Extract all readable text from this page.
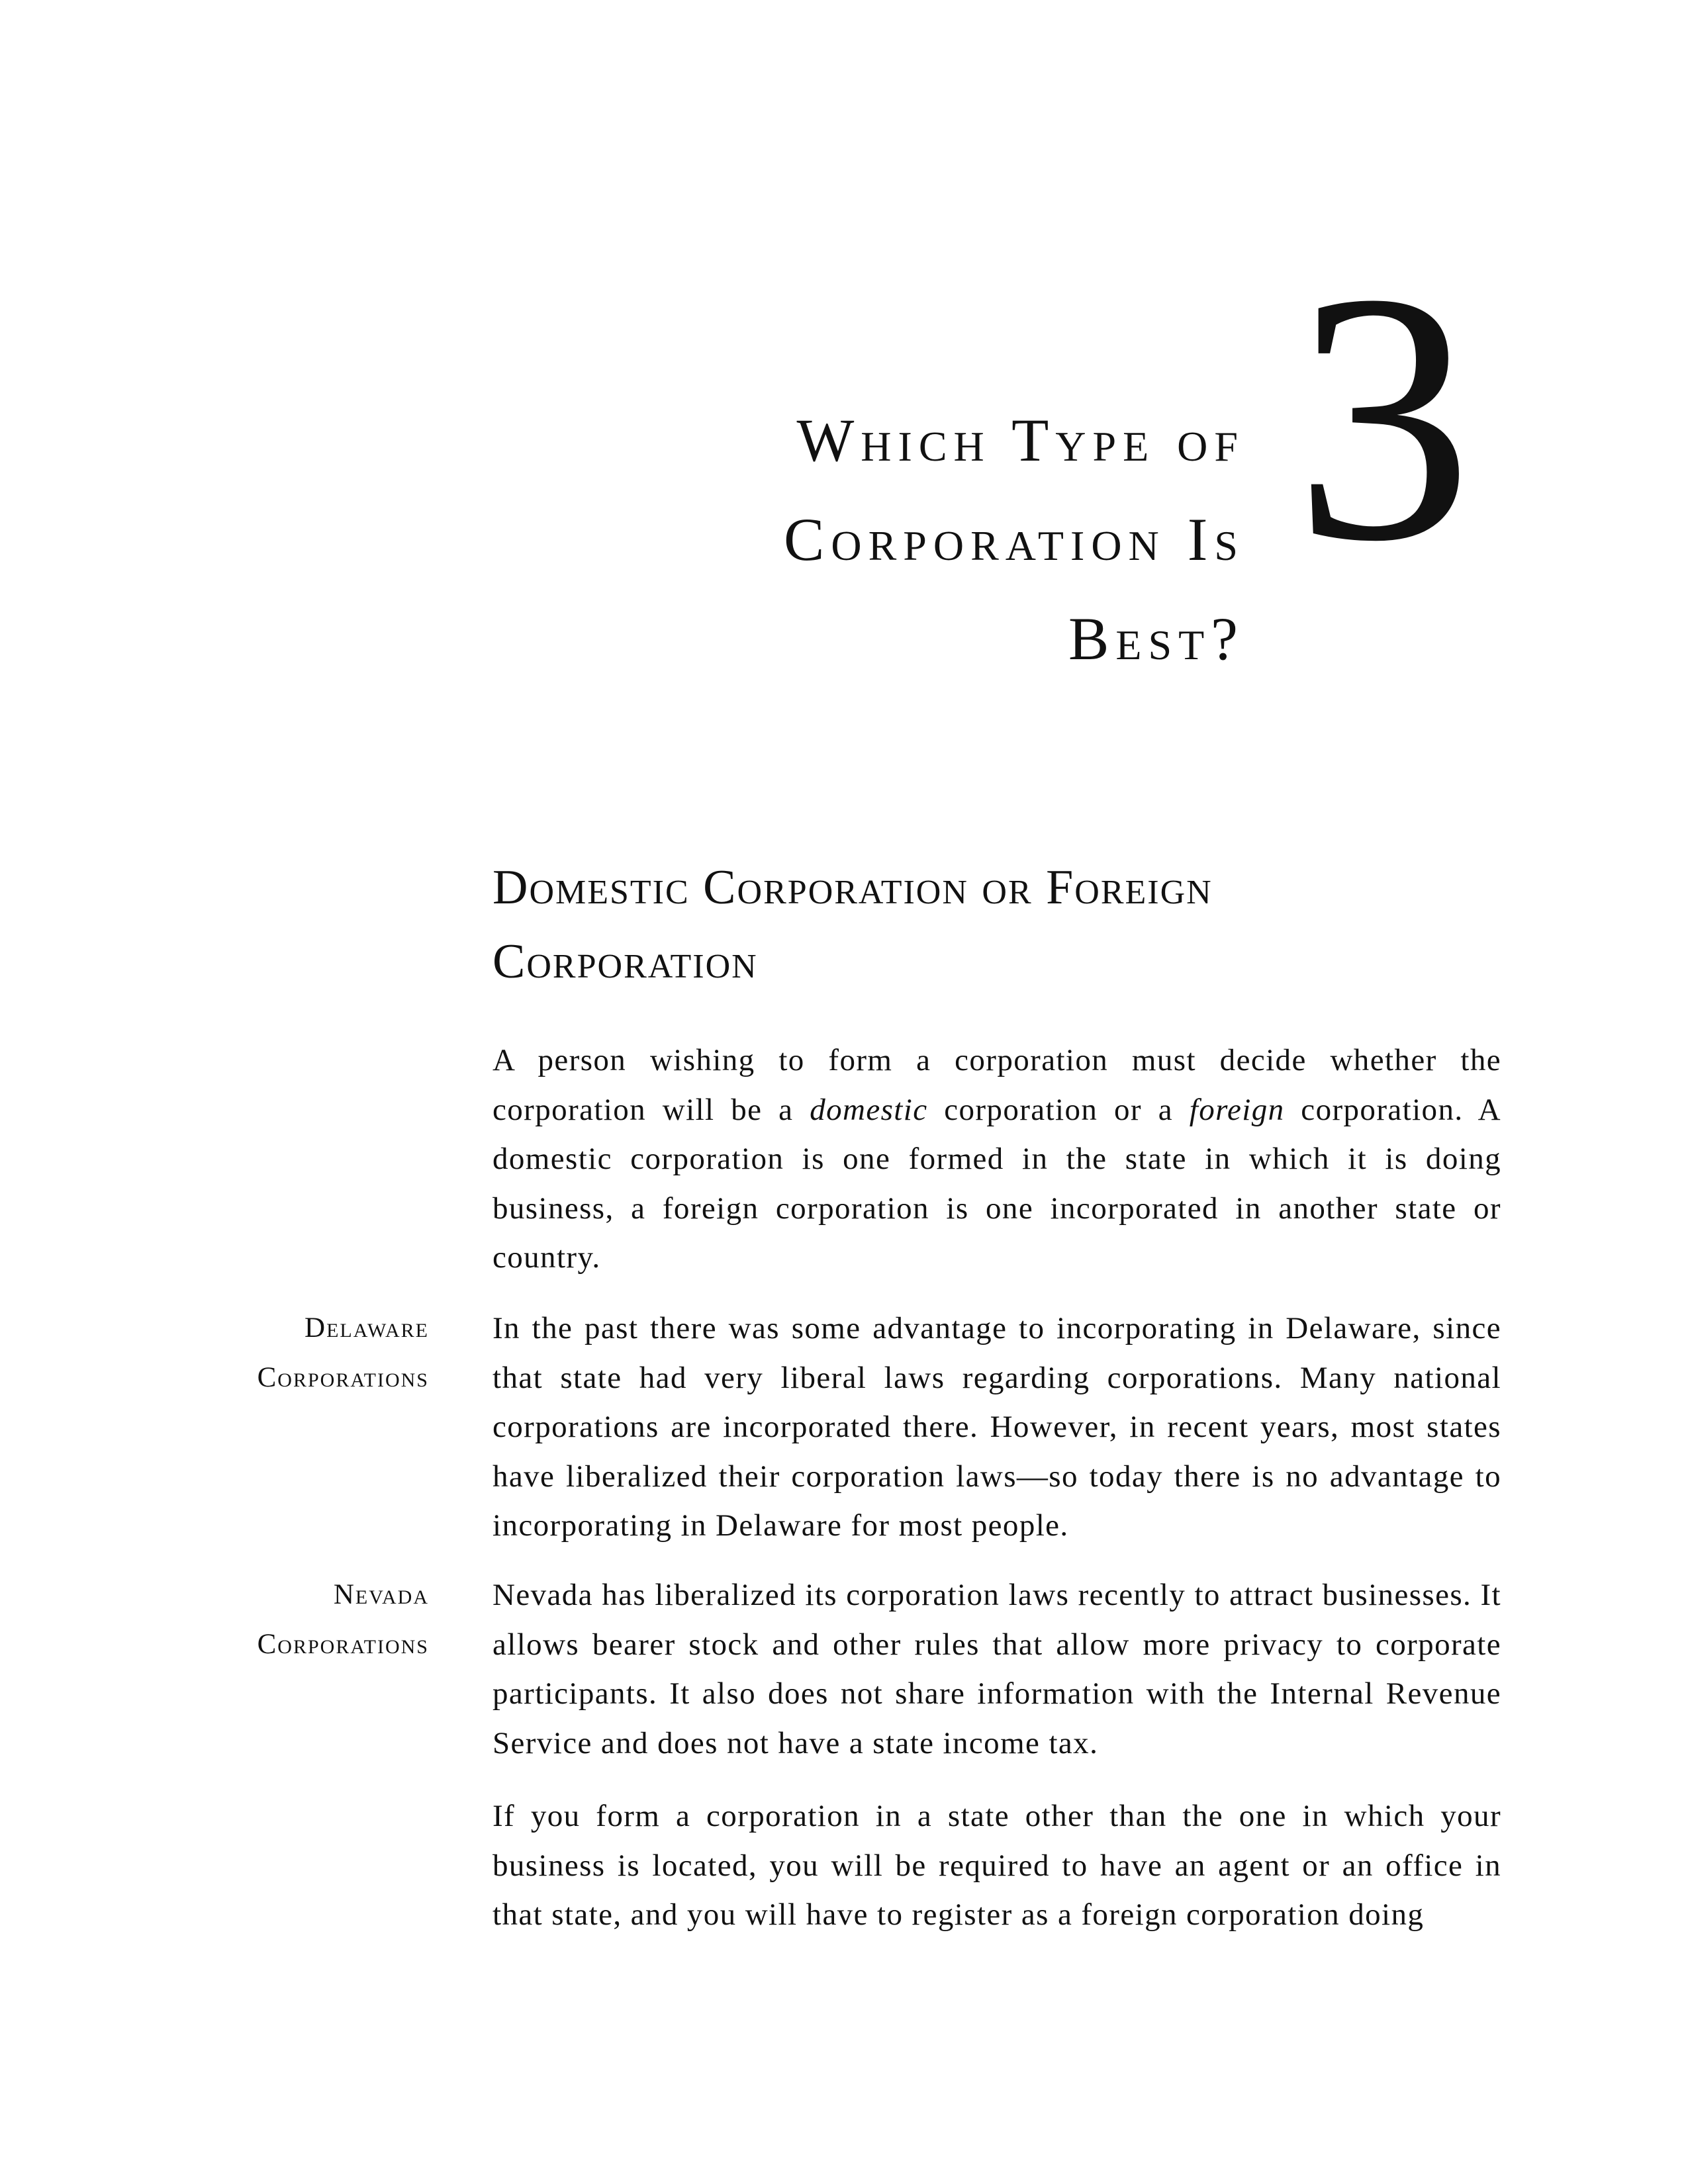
Which Type of
Corporation Is
Best?
3
Domestic Corporation or Foreign
Corporation

A person wishing to form a corporation must decide whether the corporation will be a domestic corporation or a foreign corporation. A domestic corporation is one formed in the state in which it is doing business, a foreign corporation is one incorporated in another state or country.

Delaware
Corporations

In the past there was some advantage to incorporating in Delaware, since that state had very liberal laws regarding corporations. Many national corporations are incorporated there. However, in recent years, most states have liberalized their corporation laws—so today there is no advantage to incorporating in Delaware for most people.

Nevada
Corporations

Nevada has liberalized its corporation laws recently to attract businesses. It allows bearer stock and other rules that allow more privacy to corporate participants. It also does not share information with the Internal Revenue Service and does not have a state income tax.

If you form a corporation in a state other than the one in which your business is located, you will be required to have an agent or an office in that state, and you will have to register as a foreign corporation doing
